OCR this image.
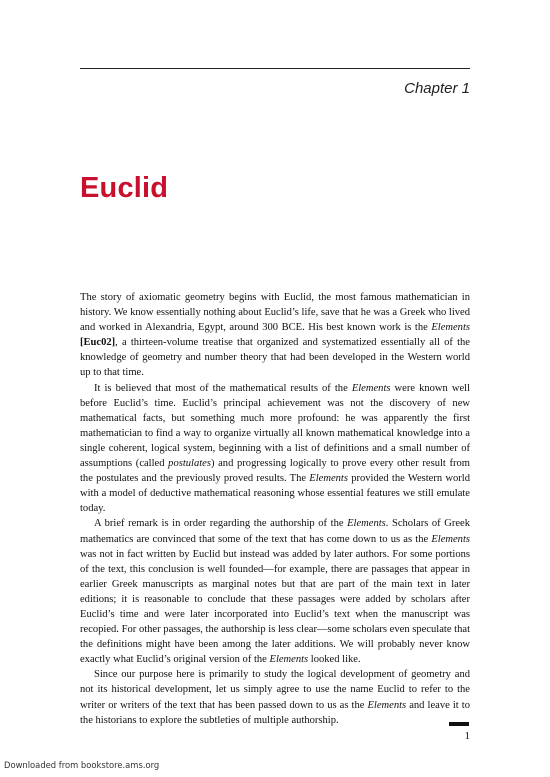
Chapter 1
Euclid

The story of axiomatic geometry begins with Euclid, the most famous mathematician in history. We know essentially nothing about Euclid’s life, save that he was a Greek who lived and worked in Alexandria, Egypt, around 300 BCE. His best known work is the Elements [Euc02], a thirteen-volume treatise that organized and systematized essentially all of the knowledge of geometry and number theory that had been developed in the Western world up to that time.

It is believed that most of the mathematical results of the Elements were known well before Euclid’s time. Euclid’s principal achievement was not the discovery of new mathematical facts, but something much more profound: he was apparently the first mathematician to find a way to organize virtually all known mathematical knowledge into a single coherent, logical system, beginning with a list of definitions and a small number of assumptions (called postulates) and progressing logically to prove every other result from the postulates and the previously proved results. The Elements provided the Western world with a model of deductive mathematical reasoning whose essential features we still emulate today.

A brief remark is in order regarding the authorship of the Elements. Scholars of Greek mathematics are convinced that some of the text that has come down to us as the Elements was not in fact written by Euclid but instead was added by later authors. For some portions of the text, this conclusion is well founded—for example, there are passages that appear in earlier Greek manuscripts as marginal notes but that are part of the main text in later editions; it is reasonable to conclude that these passages were added by scholars after Euclid’s time and were later incorporated into Euclid’s text when the manuscript was recopied. For other passages, the authorship is less clear—some scholars even speculate that the definitions might have been among the later additions. We will probably never know exactly what Euclid’s original version of the Elements looked like.

Since our purpose here is primarily to study the logical development of geometry and not its historical development, let us simply agree to use the name Euclid to refer to the writer or writers of the text that has been passed down to us as the Elements and leave it to the historians to explore the subtleties of multiple authorship.

1
Downloaded from bookstore.ams.org
